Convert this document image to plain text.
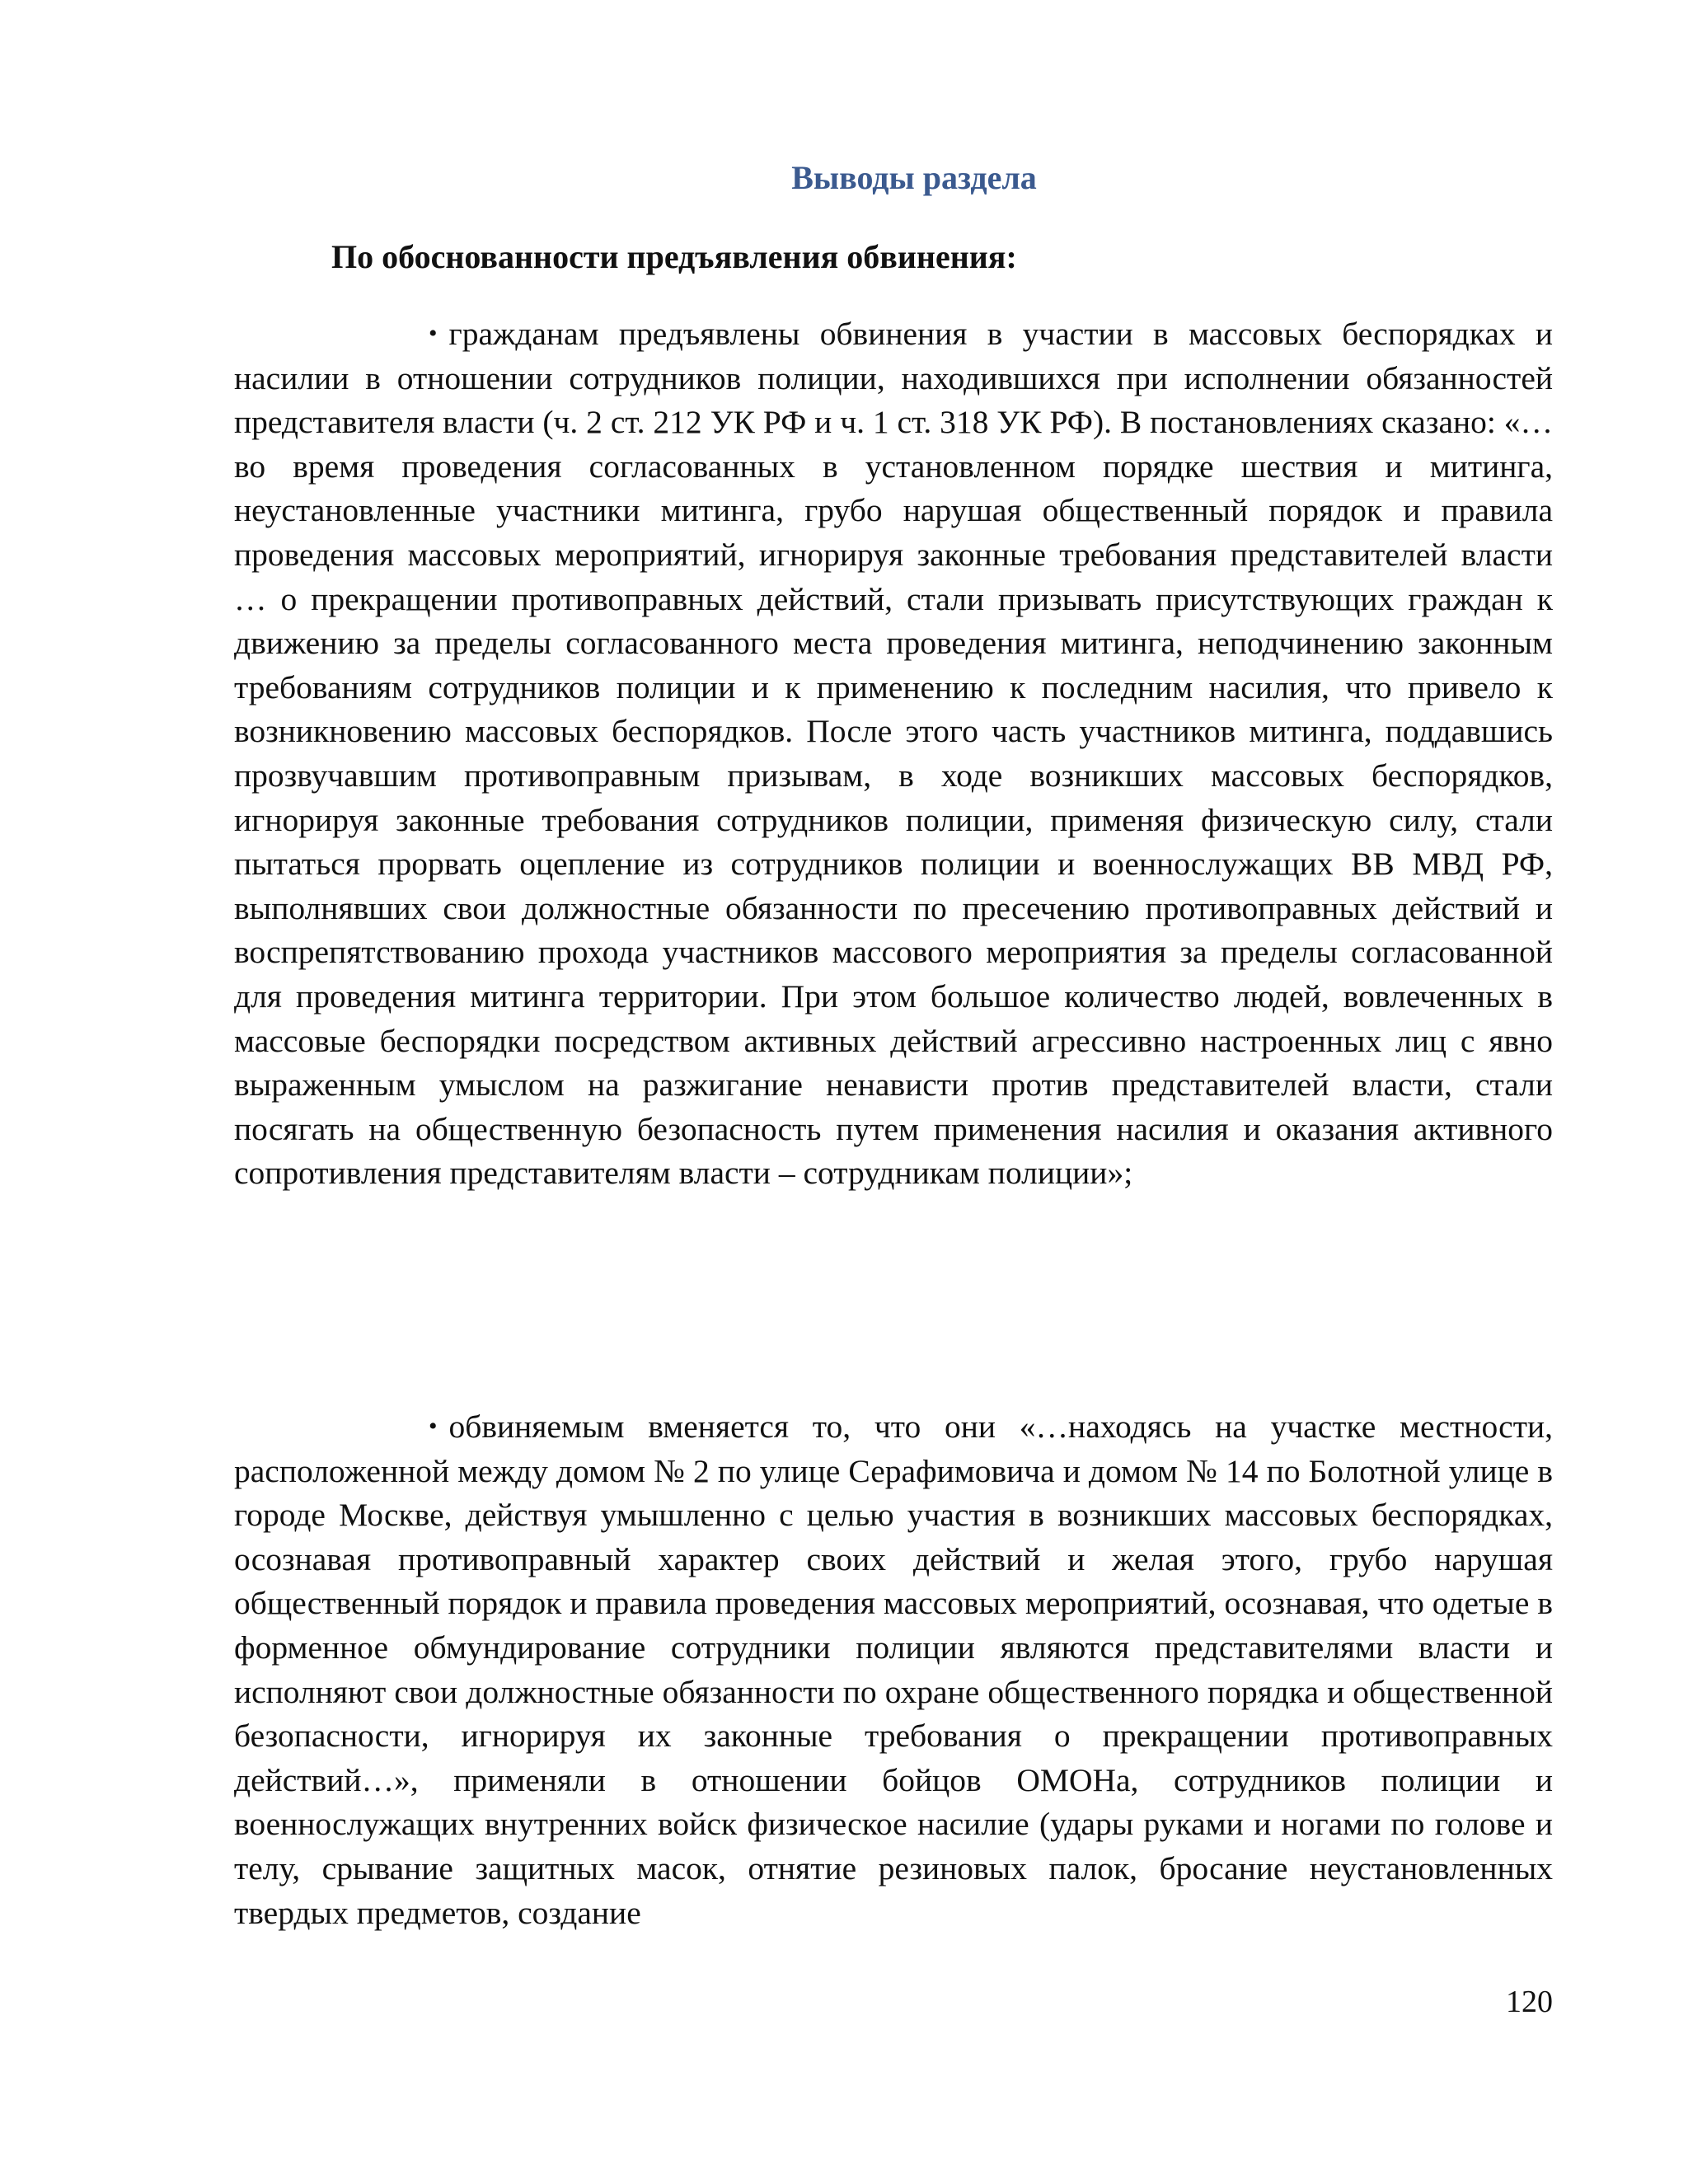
Выводы раздела
По обоснованности предъявления обвинения:

• гражданам предъявлены обвинения в участии в массовых беспорядках и насилии в отношении сотрудников полиции, находившихся при исполнении обязанностей представителя власти (ч. 2 ст. 212 УК РФ и ч. 1 ст. 318 УК РФ). В постановлениях сказано: «… во время проведения согласованных в установленном порядке шествия и митинга, неустановленные участники митинга, грубо нарушая общественный порядок и правила проведения массовых мероприятий, игнорируя законные требования представителей власти … о прекращении противоправных действий, стали призывать присутствующих граждан к движению за пределы согласованного места проведения митинга, неподчинению законным требованиям сотрудников полиции и к применению к последним насилия, что привело к возникновению массовых беспорядков. После этого часть участников митинга, поддавшись прозвучавшим противоправным призывам, в ходе возникших массовых беспорядков, игнорируя законные требования сотрудников полиции, применяя физическую силу, стали пытаться прорвать оцепление из сотрудников полиции и военнослужащих ВВ МВД РФ, выполнявших свои должностные обязанности по пресечению противоправных действий и воспрепятствованию прохода участников массового мероприятия за пределы согласованной для проведения митинга территории. При этом большое количество людей, вовлеченных в массовые беспорядки посредством активных действий агрессивно настроенных лиц с явно выраженным умыслом на разжигание ненависти против представителей власти, стали посягать на общественную безопасность путем применения насилия и оказания активного сопротивления представителям власти – сотрудникам полиции»;

• обвиняемым вменяется то, что они «…находясь на участке местности, расположенной между домом № 2 по улице Серафимовича и домом № 14 по Болотной улице в городе Москве, действуя умышленно с целью участия в возникших массовых беспорядках, осознавая противоправный характер своих действий и желая этого, грубо нарушая общественный порядок и правила проведения массовых мероприятий, осознавая, что одетые в форменное обмундирование сотрудники полиции являются представителями власти и исполняют свои должностные обязанности по охране общественного порядка и общественной безопасности, игнорируя их законные требования о прекращении противоправных действий…», применяли в отношении бойцов ОМОНа, сотрудников полиции и военнослужащих внутренних войск физическое насилие (удары руками и ногами по голове и телу, срывание защитных масок, отнятие резиновых палок, бросание неустановленных твердых предметов, создание

120
